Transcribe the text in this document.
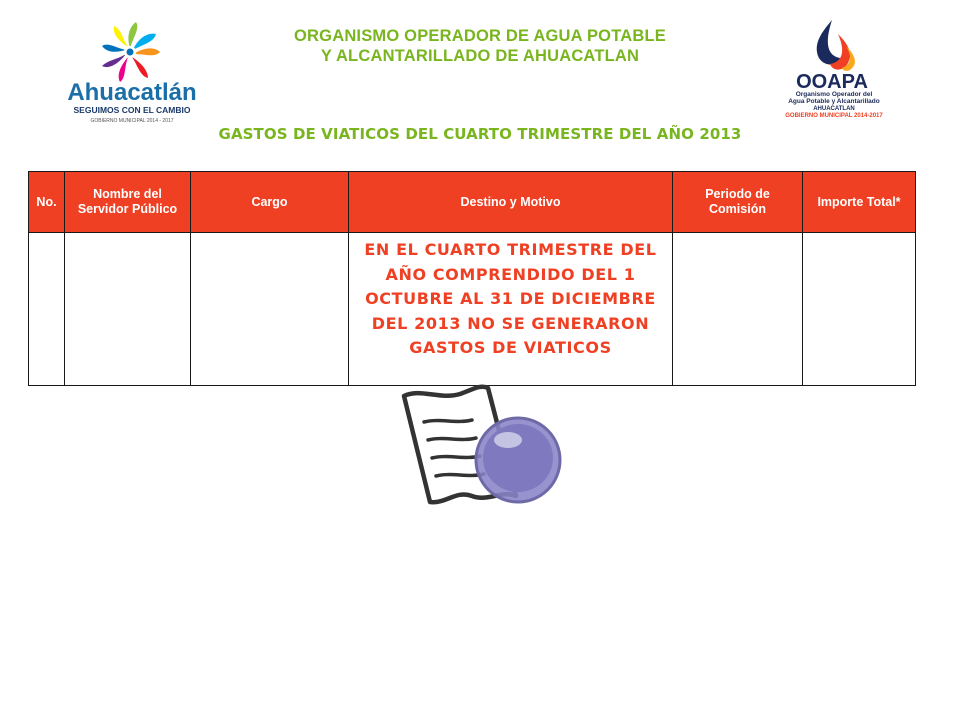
Ahuacatlán
SEGUIMOS CON EL CAMBIO
GOBIERNO MUNICIPAL 2014 - 2017
OOAPA
Organismo Operador del
Agua Potable y Alcantarillado
AHUACATLAN
GOBIERNO MUNICIPAL 2014-2017
ORGANISMO OPERADOR DE AGUA POTABLE
Y ALCANTARILLADO DE AHUACATLAN
GASTOS DE VIATICOS DEL CUARTO TRIMESTRE DEL AÑO 2013
No.	Nombre del Servidor Público	Cargo	Destino y Motivo	Periodo de Comisión	Importe Total*

			EN EL CUARTO TRIMESTRE DEL AÑO COMPRENDIDO DEL 1 OCTUBRE AL 31 DE DICIEMBRE DEL 2013 NO SE GENERARON GASTOS DE VIATICOS		
